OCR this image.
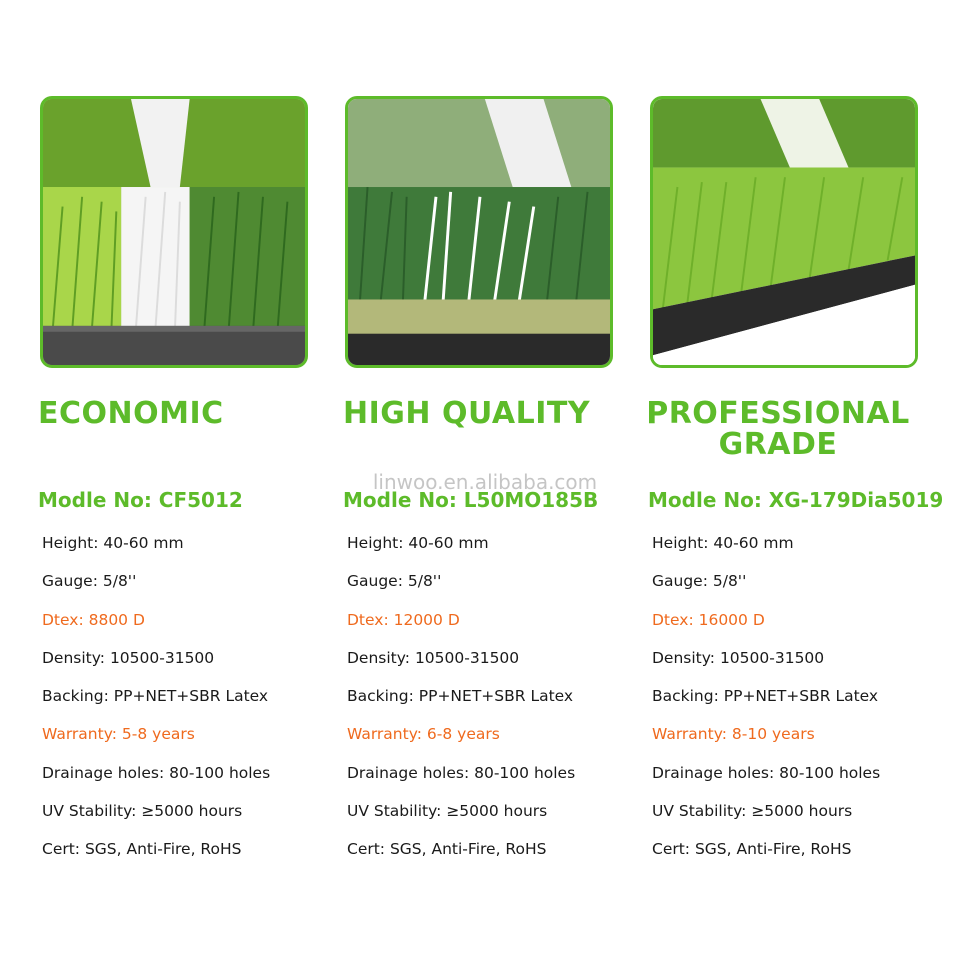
ECONOMIC
Modle No: CF5012
Height: 40-60 mm
Gauge: 5/8''
Dtex: 8800 D
Density: 10500-31500
Backing: PP+NET+SBR Latex
Warranty: 5-8 years
Drainage holes: 80-100 holes
UV Stability: ≥5000 hours
Cert: SGS, Anti-Fire, RoHS
HIGH QUALITY
Modle No: L50MO185B
Height: 40-60 mm
Gauge: 5/8''
Dtex: 12000 D
Density: 10500-31500
Backing: PP+NET+SBR Latex
Warranty: 6-8 years
Drainage holes: 80-100 holes
UV Stability: ≥5000 hours
Cert: SGS, Anti-Fire, RoHS
PROFESSIONAL GRADE
Modle No: XG-179Dia5019
Height: 40-60 mm
Gauge: 5/8''
Dtex: 16000 D
Density: 10500-31500
Backing: PP+NET+SBR Latex
Warranty: 8-10 years
Drainage holes: 80-100 holes
UV Stability: ≥5000 hours
Cert: SGS, Anti-Fire, RoHS
linwoo.en.alibaba.com
